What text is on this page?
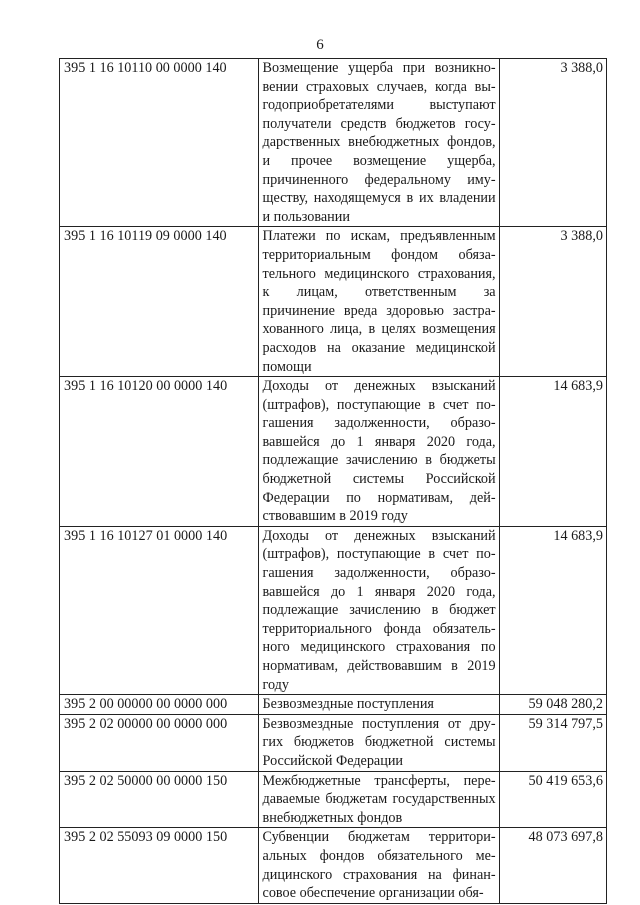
6
395 1 16 10110 00 0000 140	Возмещение ущерба при возникновении страховых случаев, когда выгодоприобретателями выступают получатели средств бюджетов государственных внебюджетных фондов, и прочее возмещение ущерба, причиненного федеральному имуществу, находящемуся в их владении и пользовании	3 388,0
395 1 16 10119 09 0000 140	Платежи по искам, предъявленным территориальным фондом обязательного медицинского страхования, к лицам, ответственным за причинение вреда здоровью застрахованного лица, в целях возмещения расходов на оказание медицинской помощи	3 388,0
395 1 16 10120 00 0000 140	Доходы от денежных взысканий (штрафов), поступающие в счет погашения задолженности, образовавшейся до 1 января 2020 года, подлежащие зачислению в бюджеты бюджетной системы Российской Федерации по нормативам, действовавшим в 2019 году	14 683,9
395 1 16 10127 01 0000 140	Доходы от денежных взысканий (штрафов), поступающие в счет погашения задолженности, образовавшейся до 1 января 2020 года, подлежащие зачислению в бюджет территориального фонда обязательного медицинского страхования по нормативам, действовавшим в 2019 году	14 683,9
395 2 00 00000 00 0000 000	Безвозмездные поступления	59 048 280,2
395 2 02 00000 00 0000 000	Безвозмездные поступления от других бюджетов бюджетной системы Российской Федерации	59 314 797,5
395 2 02 50000 00 0000 150	Межбюджетные трансферты, передаваемые бюджетам государственных внебюджетных фондов	50 419 653,6
395 2 02 55093 09 0000 150	Субвенции бюджетам территориальных фондов обязательного медицинского страхования на финансовое обеспечение организации обя-	48 073 697,8
